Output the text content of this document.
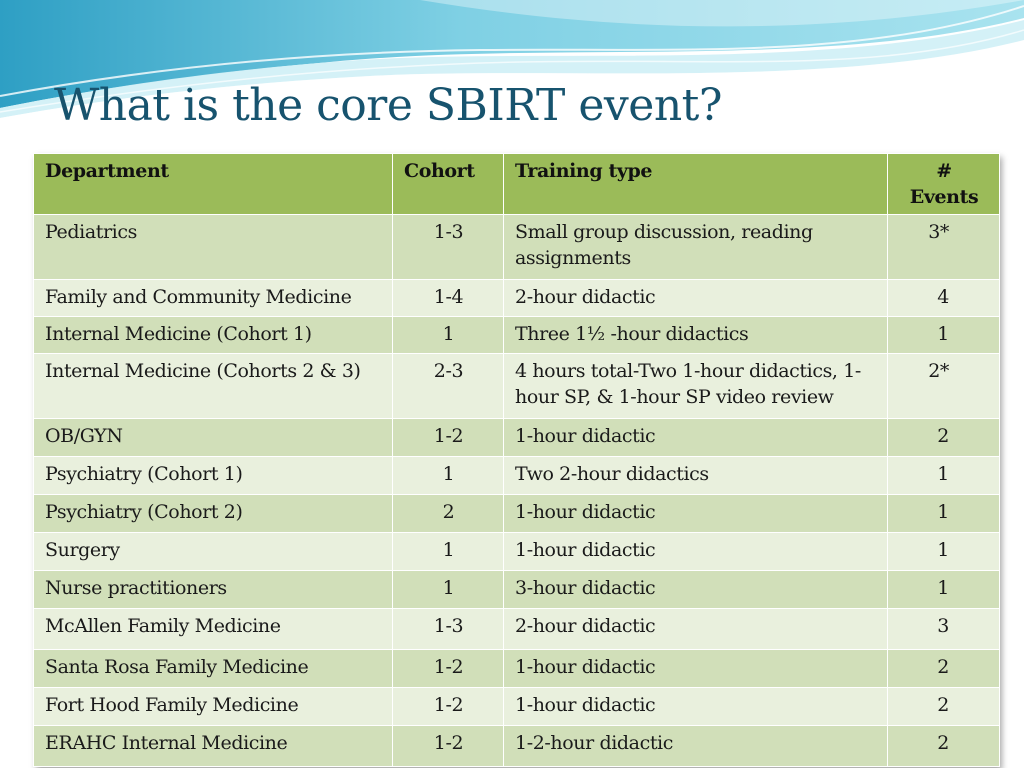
What is the core SBIRT event?
Department	Cohort	Training type	# Events
Pediatrics	1-3	Small group discussion, reading assignments	3*
Family and Community Medicine	1-4	2-hour didactic	4
Internal Medicine (Cohort 1)	1	Three 1½ -hour didactics	1
Internal Medicine (Cohorts 2 & 3)	2-3	4 hours total-Two 1-hour didactics, 1-hour SP, & 1-hour SP video review	2*
OB/GYN	1-2	1-hour didactic	2
Psychiatry (Cohort 1)	1	Two 2-hour didactics	1
Psychiatry (Cohort 2)	2	1-hour didactic	1
Surgery	1	1-hour didactic	1
Nurse practitioners	1	3-hour didactic	1
McAllen Family Medicine	1-3	2-hour didactic	3
Santa Rosa Family Medicine	1-2	1-hour didactic	2
Fort Hood Family Medicine	1-2	1-hour didactic	2
ERAHC Internal Medicine	1-2	1-2-hour didactic	2
